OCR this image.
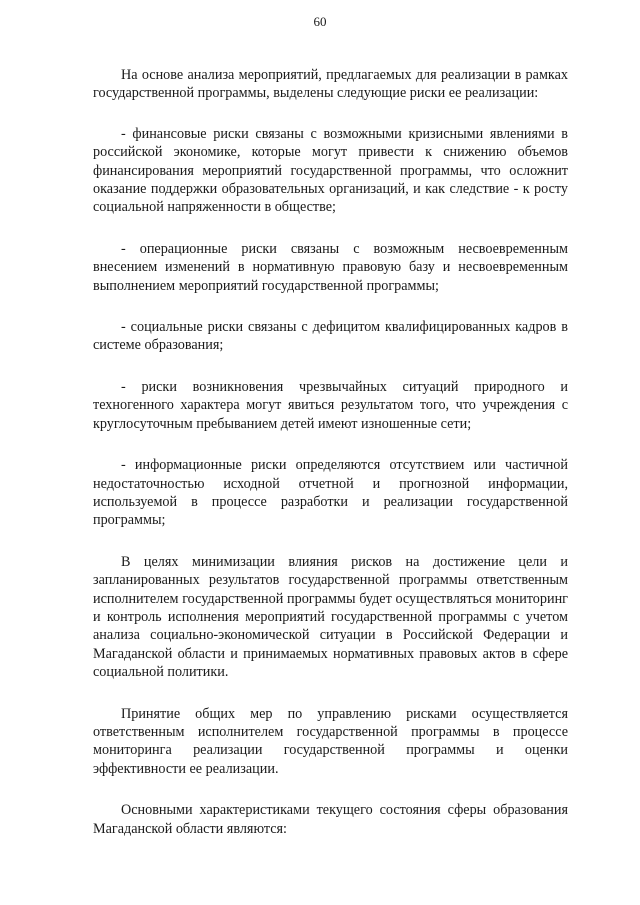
60

На основе анализа мероприятий, предлагаемых для реализации в рамках государственной программы, выделены следующие риски ее реализации:

- финансовые риски связаны с возможными кризисными явлениями в российской экономике, которые могут привести к снижению объемов финансирования мероприятий государственной программы, что осложнит оказание поддержки образовательных организаций, и как следствие - к росту социальной напряженности в обществе;

- операционные риски связаны с возможным несвоевременным внесением изменений в нормативную правовую базу и несвоевременным выполнением мероприятий государственной программы;

- социальные риски связаны с дефицитом квалифицированных кадров в системе образования;

- риски возникновения чрезвычайных ситуаций природного и техногенного характера могут явиться результатом того, что учреждения с круглосуточным пребыванием детей имеют изношенные сети;

- информационные риски определяются отсутствием или частичной недостаточностью исходной отчетной и прогнозной информации, используемой в процессе разработки и реализации государственной программы;

В целях минимизации влияния рисков на достижение цели и запланированных результатов государственной программы ответственным исполнителем государственной программы будет осуществляться мониторинг и контроль исполнения мероприятий государственной программы с учетом анализа социально-экономической ситуации в Российской Федерации и Магаданской области и принимаемых нормативных правовых актов в сфере социальной политики.

Принятие общих мер по управлению рисками осуществляется ответственным исполнителем государственной программы в процессе мониторинга реализации государственной программы и оценки эффективности ее реализации.

Основными характеристиками текущего состояния сферы образования Магаданской области являются:
